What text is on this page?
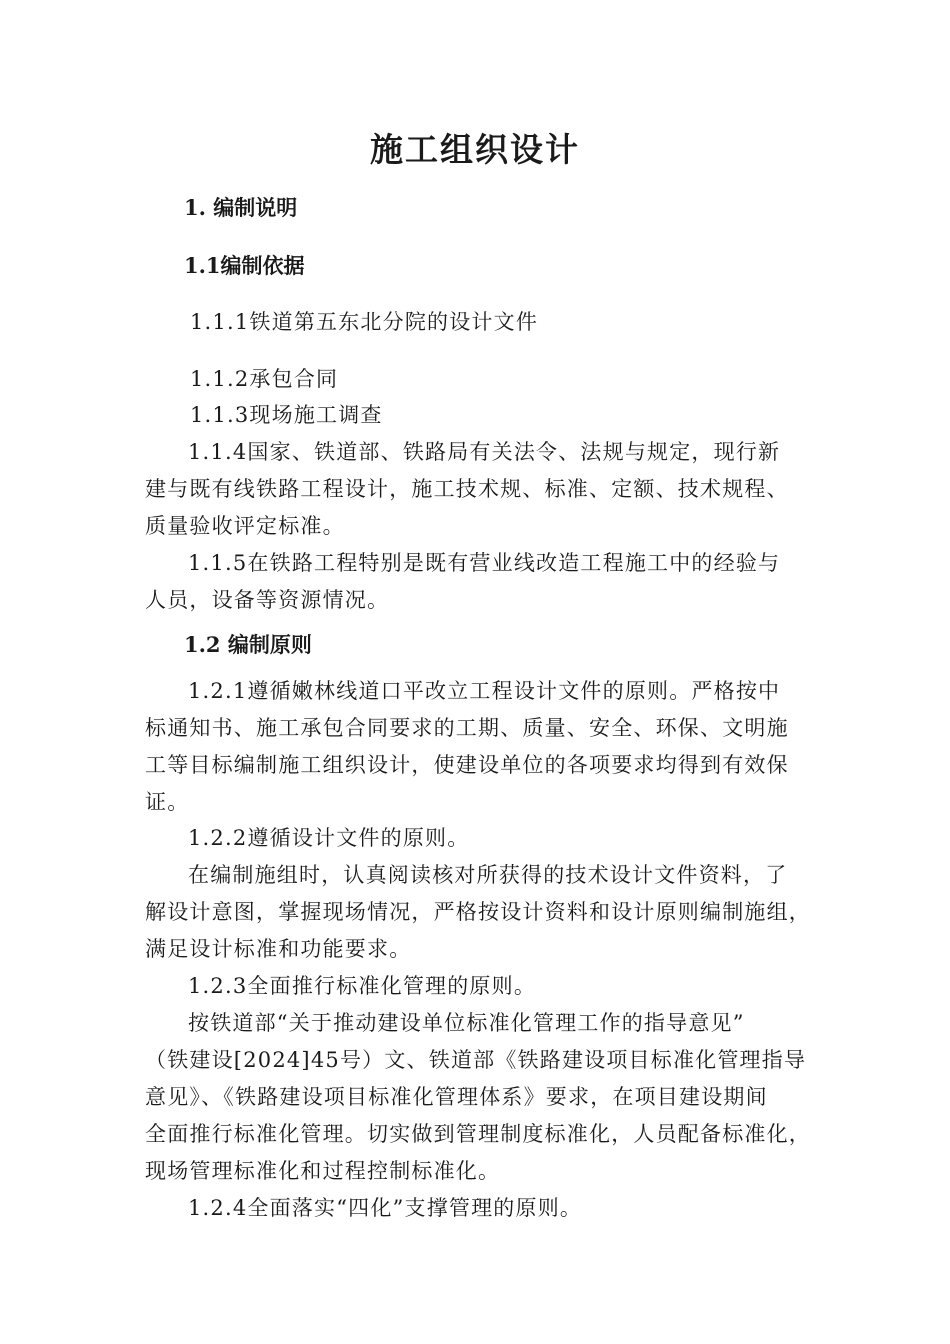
施工组织设计
1. 编制说明
1.1编制依据
1.1.1铁道第五东北分院的设计文件
1.1.2承包合同
1.1.3现场施工调查
1.1.4国家、铁道部、铁路局有关法令、法规与规定，现行新
建与既有线铁路工程设计，施工技术规、标准、定额、技术规程、
质量验收评定标准。
1.1.5在铁路工程特别是既有营业线改造工程施工中的经验与
人员，设备等资源情况。
1.2 编制原则
1.2.1遵循嫩林线道口平改立工程设计文件的原则。严格按中
标通知书、施工承包合同要求的工期、质量、安全、环保、文明施
工等目标编制施工组织设计，使建设单位的各项要求均得到有效保
证。
1.2.2遵循设计文件的原则。
在编制施组时，认真阅读核对所获得的技术设计文件资料，了
解设计意图，掌握现场情况，严格按设计资料和设计原则编制施组，
满足设计标准和功能要求。
1.2.3全面推行标准化管理的原则。
按铁道部“关于推动建设单位标准化管理工作的指导意见”
（铁建设[2024]45号）文、铁道部《铁路建设项目标准化管理指导
意见》、《铁路建设项目标准化管理体系》要求，在项目建设期间
全面推行标准化管理。切实做到管理制度标准化，人员配备标准化，
现场管理标准化和过程控制标准化。
1.2.4全面落实“四化”支撑管理的原则。
